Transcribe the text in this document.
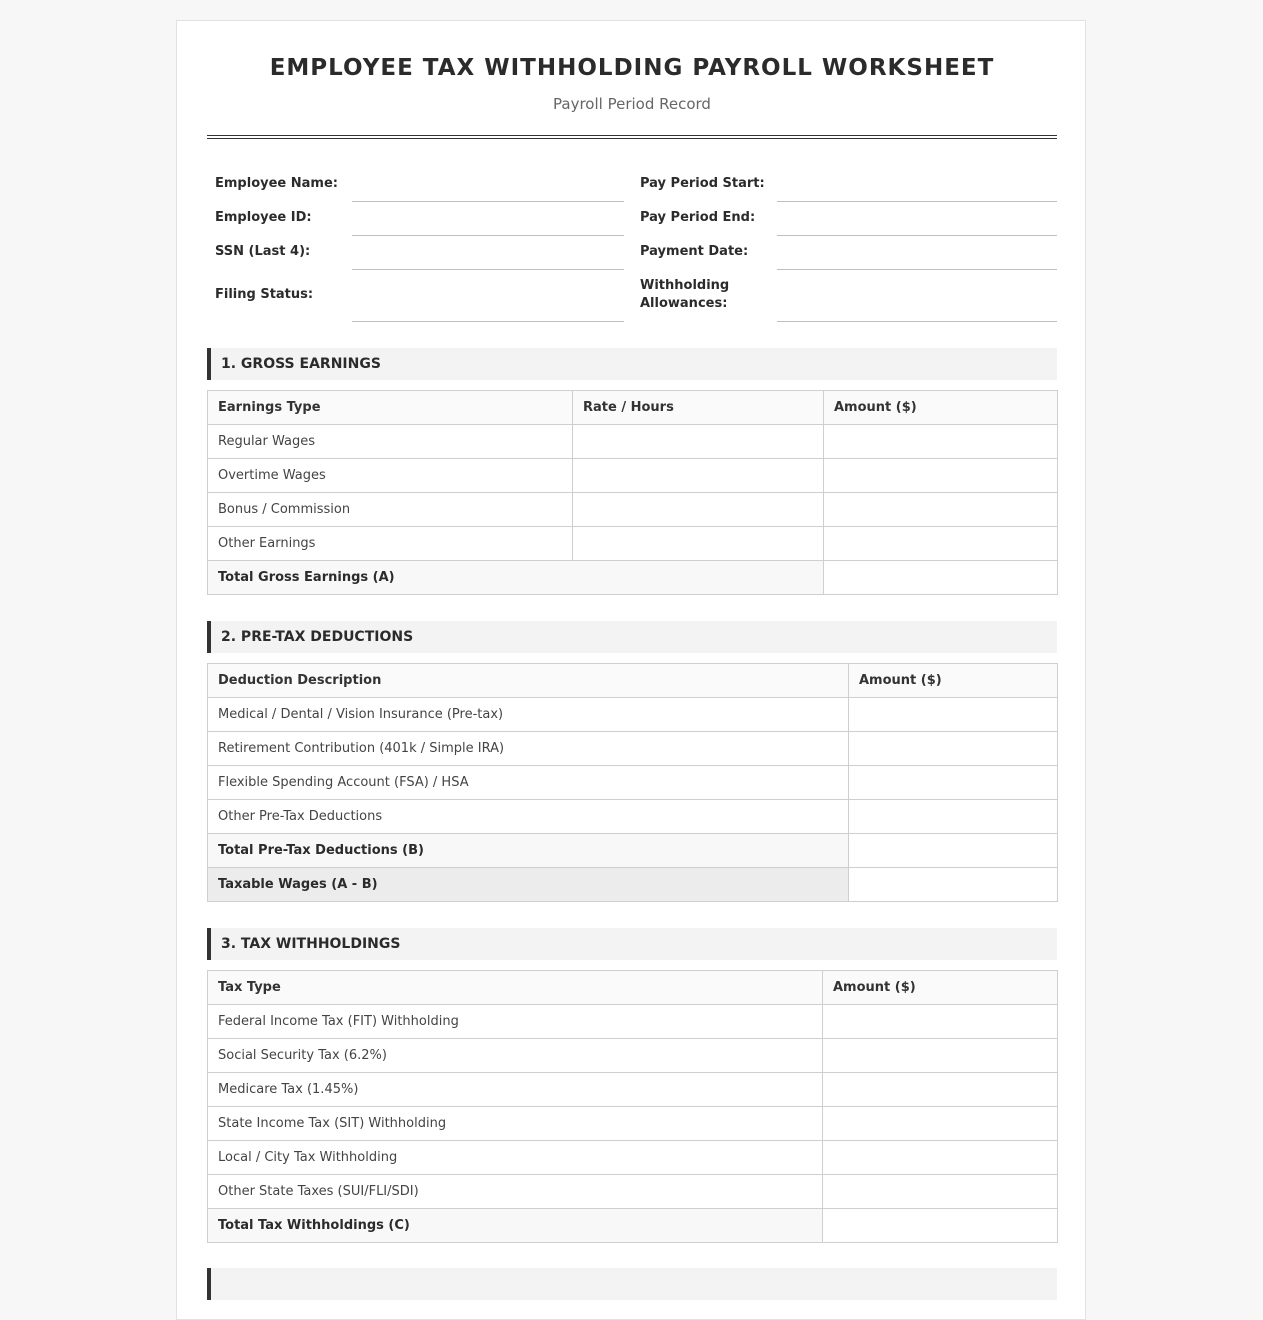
EMPLOYEE TAX WITHHOLDING PAYROLL WORKSHEET
Payroll Period Record
Employee Name:			Pay Period Start:	
Employee ID:			Pay Period End:	
SSN (Last 4):			Payment Date:	
Filing Status:			Withholding Allowances:	
1. GROSS EARNINGS
Earnings Type	Rate / Hours	Amount ($)
Regular Wages		
Overtime Wages		
Bonus / Commission		
Other Earnings		
Total Gross Earnings (A)		
2. PRE-TAX DEDUCTIONS
Deduction Description	Amount ($)
Medical / Dental / Vision Insurance (Pre-tax)	
Retirement Contribution (401k / Simple IRA)	
Flexible Spending Account (FSA) / HSA	
Other Pre-Tax Deductions	
Total Pre-Tax Deductions (B)	
Taxable Wages (A - B)	
3. TAX WITHHOLDINGS
Tax Type	Amount ($)
Federal Income Tax (FIT) Withholding	
Social Security Tax (6.2%)	
Medicare Tax (1.45%)	
State Income Tax (SIT) Withholding	
Local / City Tax Withholding	
Other State Taxes (SUI/FLI/SDI)	
Total Tax Withholdings (C)	
